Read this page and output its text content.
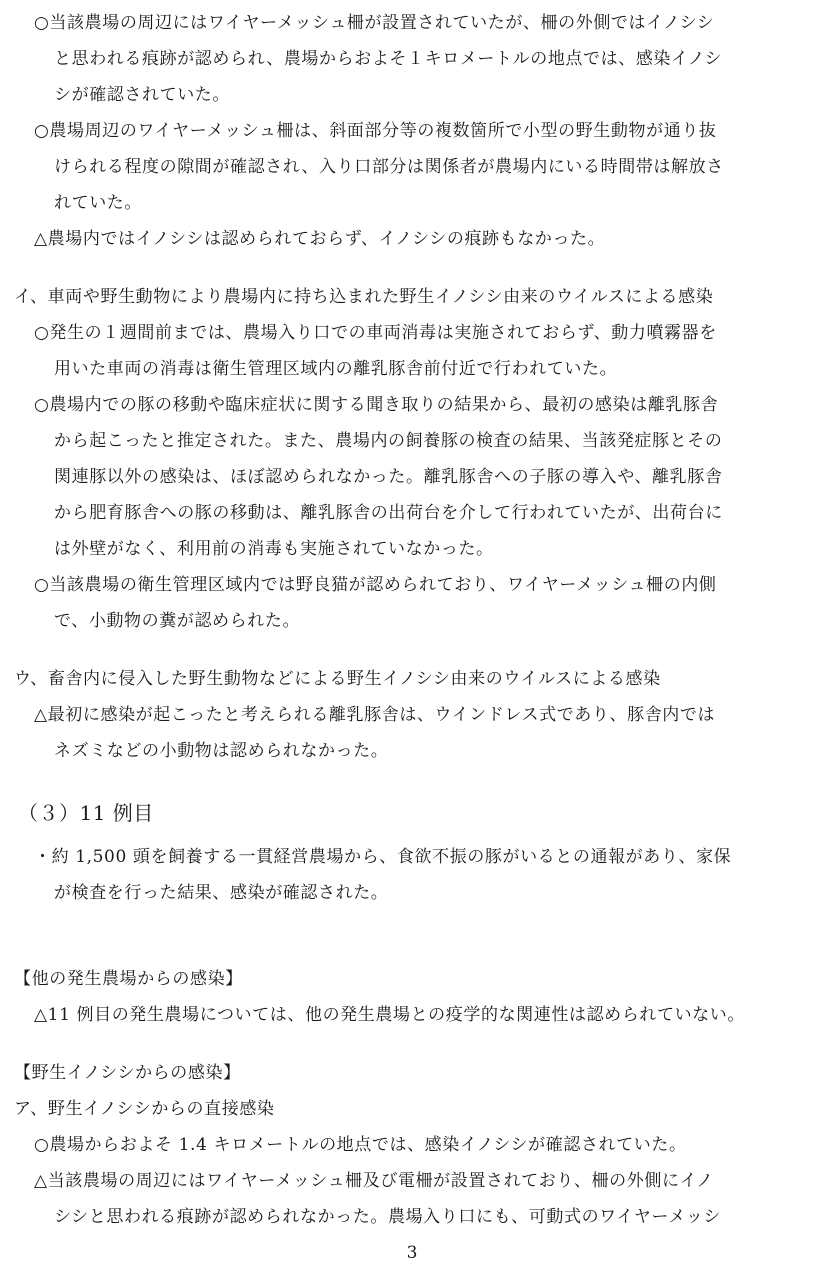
○当該農場の周辺にはワイヤーメッシュ柵が設置されていたが、柵の外側ではイノシシ
と思われる痕跡が認められ、農場からおよそ１キロメートルの地点では、感染イノシ
シが確認されていた。
○農場周辺のワイヤーメッシュ柵は、斜面部分等の複数箇所で小型の野生動物が通り抜
けられる程度の隙間が確認され、入り口部分は関係者が農場内にいる時間帯は解放さ
れていた。
△農場内ではイノシシは認められておらず、イノシシの痕跡もなかった。
イ、車両や野生動物により農場内に持ち込まれた野生イノシシ由来のウイルスによる感染
○発生の１週間前までは、農場入り口での車両消毒は実施されておらず、動力噴霧器を
用いた車両の消毒は衛生管理区域内の離乳豚舎前付近で行われていた。
○農場内での豚の移動や臨床症状に関する聞き取りの結果から、最初の感染は離乳豚舎
から起こったと推定された。また、農場内の飼養豚の検査の結果、当該発症豚とその
関連豚以外の感染は、ほぼ認められなかった。離乳豚舎への子豚の導入や、離乳豚舎
から肥育豚舎への豚の移動は、離乳豚舎の出荷台を介して行われていたが、出荷台に
は外壁がなく、利用前の消毒も実施されていなかった。
○当該農場の衛生管理区域内では野良猫が認められており、ワイヤーメッシュ柵の内側
で、小動物の糞が認められた。
ウ、畜舎内に侵入した野生動物などによる野生イノシシ由来のウイルスによる感染
△最初に感染が起こったと考えられる離乳豚舎は、ウインドレス式であり、豚舎内では
ネズミなどの小動物は認められなかった。
（３）11 例目
・約 1,500 頭を飼養する一貫経営農場から、食欲不振の豚がいるとの通報があり、家保
が検査を行った結果、感染が確認された。
【他の発生農場からの感染】
△11 例目の発生農場については、他の発生農場との疫学的な関連性は認められていない。
【野生イノシシからの感染】
ア、野生イノシシからの直接感染
○農場からおよそ 1.4 キロメートルの地点では、感染イノシシが確認されていた。
△当該農場の周辺にはワイヤーメッシュ柵及び電柵が設置されており、柵の外側にイノ
シシと思われる痕跡が認められなかった。農場入り口にも、可動式のワイヤーメッシ
3
